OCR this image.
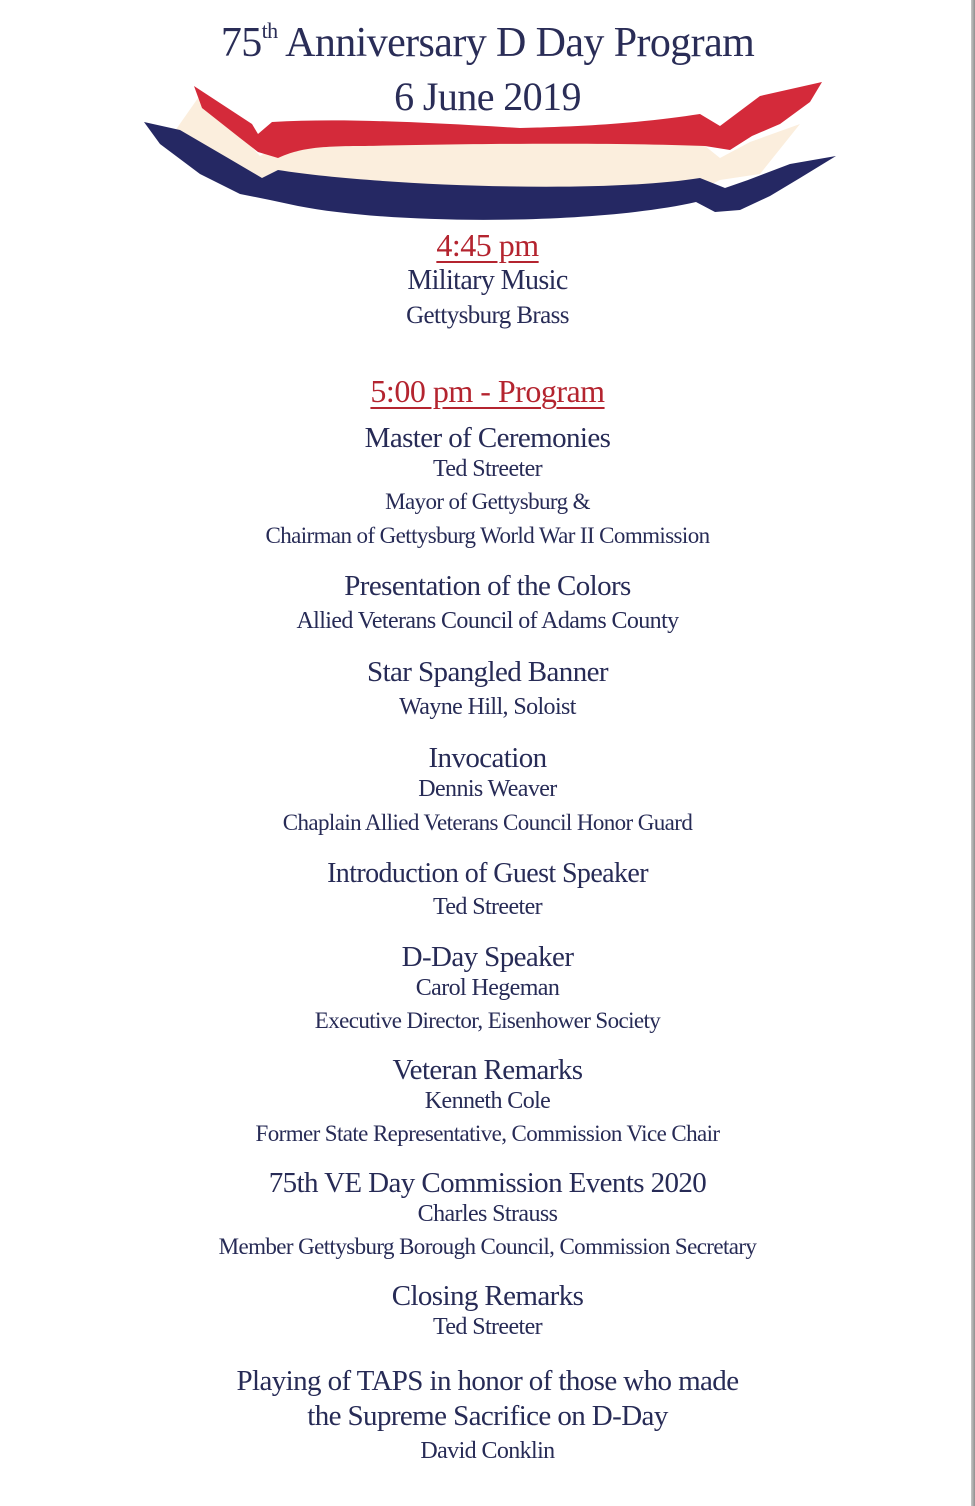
75th Anniversary D Day Program
6 June 2019
4:45 pm
Military Music
Gettysburg Brass
5:00 pm - Program
Master of Ceremonies
Ted Streeter
Mayor of Gettysburg &
Chairman of Gettysburg World War II Commission
Presentation of the Colors
Allied Veterans Council of Adams County
Star Spangled Banner
Wayne Hill, Soloist
Invocation
Dennis Weaver
Chaplain Allied Veterans Council Honor Guard
Introduction of Guest Speaker
Ted Streeter
D-Day Speaker
Carol Hegeman
Executive Director, Eisenhower Society
Veteran Remarks
Kenneth Cole
Former State Representative, Commission Vice Chair
75th VE Day Commission Events 2020
Charles Strauss
Member Gettysburg Borough Council, Commission Secretary
Closing Remarks
Ted Streeter
Playing of TAPS in honor of those who made
the Supreme Sacrifice on D-Day
David Conklin
